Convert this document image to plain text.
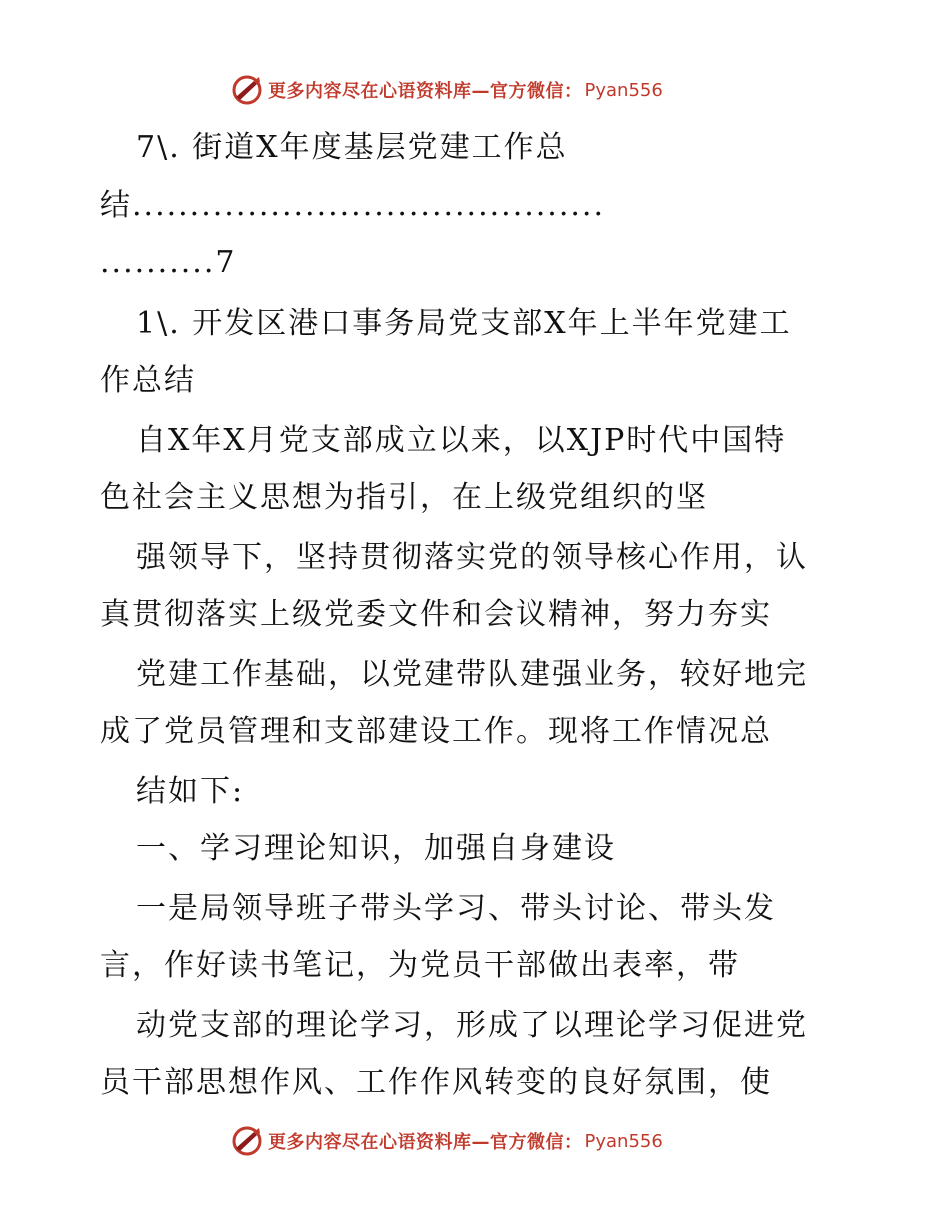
更多内容尽在心语资料库—官方微信： Pyan556
7\. 街道X年度基层党建工作总
结.........................................
..........7
1\. 开发区港口事务局党支部X年上半年党建工
作总结
自X年X月党支部成立以来，以XJP时代中国特
色社会主义思想为指引，在上级党组织的坚
强领导下，坚持贯彻落实党的领导核心作用，认
真贯彻落实上级党委文件和会议精神，努力夯实
党建工作基础，以党建带队建强业务，较好地完
成了党员管理和支部建设工作。现将工作情况总
结如下:
一、学习理论知识，加强自身建设
一是局领导班子带头学习、带头讨论、带头发
言，作好读书笔记，为党员干部做出表率，带
动党支部的理论学习，形成了以理论学习促进党
员干部思想作风、工作作风转变的良好氛围，使
更多内容尽在心语资料库—官方微信： Pyan556
